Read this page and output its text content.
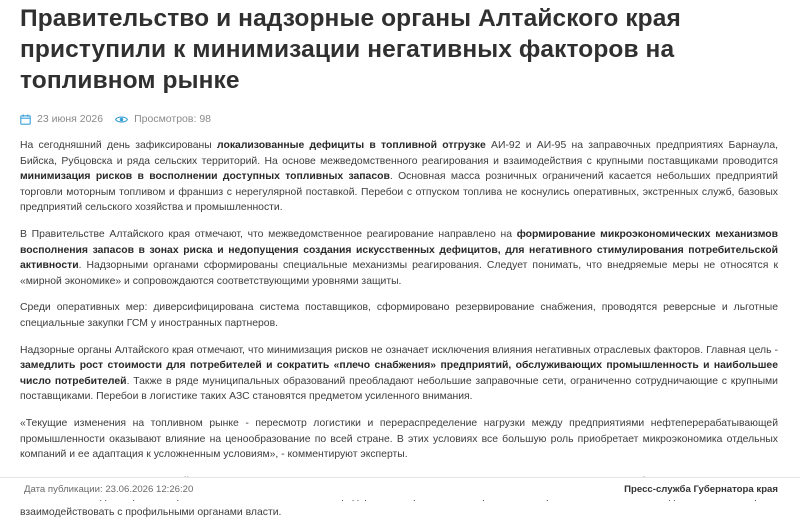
Правительство и надзорные органы Алтайского края приступили к минимизации негативных факторов на топливном рынке
23 июня 2026	Просмотров:
98

На сегодняшний день зафиксированы локализованные дефициты в топливной отгрузке АИ-92 и АИ-95 на заправочных предприятиях Барнаула, Бийска, Рубцовска и ряда сельских территорий. На основе межведомственного реагирования и взаимодействия с крупными поставщиками проводится минимизация рисков в восполнении доступных топливных запасов. Основная масса розничных ограничений касается небольших предприятий торговли моторным топливом и франшиз с нерегулярной поставкой. Перебои с отпуском топлива не коснулись оперативных, экстренных служб, базовых предприятий сельского хозяйства и промышленности.

В Правительстве Алтайского края отмечают, что межведомственное реагирование направлено на формирование микроэкономических механизмов восполнения запасов в зонах риска и недопущения создания искусственных дефицитов, для негативного стимулирования потребительской активности. Надзорными органами сформированы специальные механизмы реагирования. Следует понимать, что внедряемые меры не относятся к «мирной экономике» и сопровождаются соответствующими уровнями защиты.

Среди оперативных мер: диверсифицирована система поставщиков, сформировано резервирование снабжения, проводятся реверсные и льготные специальные закупки ГСМ у иностранных партнеров.

Надзорные органы Алтайского края отмечают, что минимизация рисков не означает исключения влияния негативных отраслевых факторов. Главная цель - замедлить рост стоимости для потребителей и сократить «плечо снабжения» предприятий, обслуживающих промышленность и наибольшее число потребителей. Также в ряде муниципальных образований преобладают небольшие заправочные сети, ограниченно сотрудничающие с крупными поставщиками. Перебои в логистике таких АЗС становятся предметом усиленного внимания.

«Текущие изменения на топливном рынке - пересмотр логистики и перераспределение нагрузки между предприятиями нефтеперерабатывающей промышленности оказывают влияние на ценообразование по всей стране. В этих условиях все большую роль приобретает микроэкономика отдельных компаний и ее адаптация к усложненным условиям», - комментируют эксперты.

взаимодействовать с профильными органами власти.

Дата публикации: 23.06.2026 12:26:20	Пресс-служба Губернатора края
